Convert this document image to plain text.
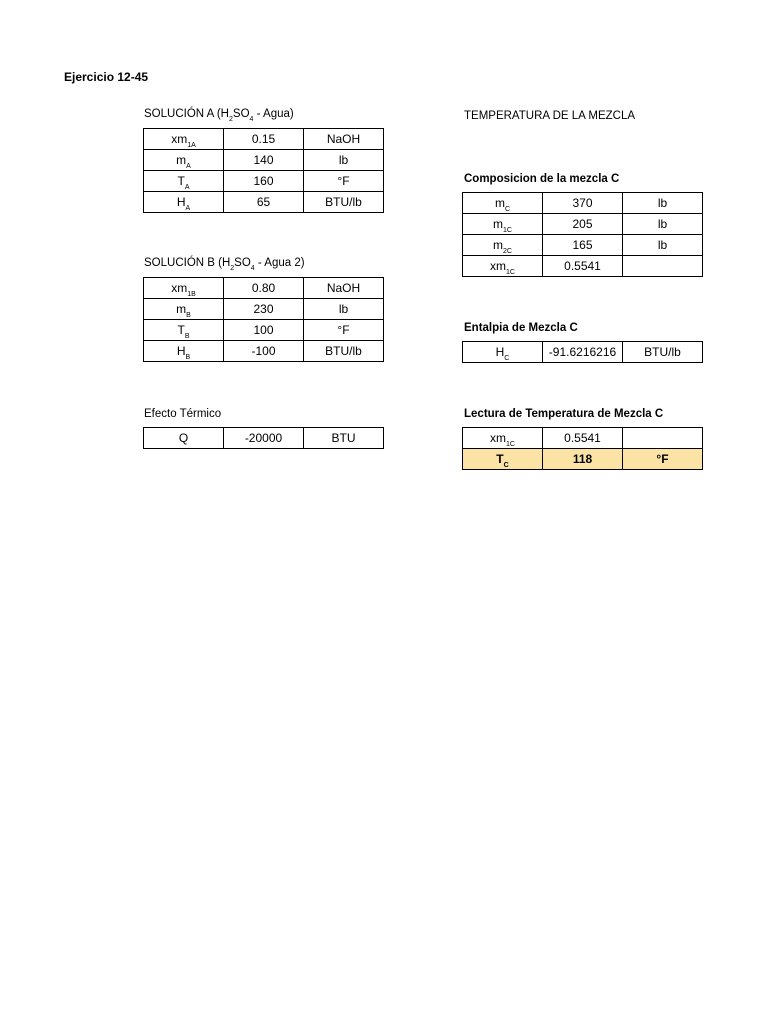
Ejercicio 12-45
SOLUCIÓN A ($H_2SO_4$ - Agua)
$xm_{1A}$	0.15	NaOH
$m_A$	140	lb
$T_A$	160	°F
$H_A$	65	BTU/lb
SOLUCIÓN B ($H_2SO_4$ - Agua 2)
$xm_{1B}$	0.80	NaOH
$m_B$	230	lb
$T_B$	100	°F
$H_B$	-100	BTU/lb
Efecto Térmico
Q	-20000	BTU
TEMPERATURA DE LA MEZCLA
Composicion de la mezcla C
$m_C$	370	lb
$m_{1C}$	205	lb
$m_{2C}$	165	lb
$xm_{1C}$	0.5541	
Entalpia de Mezcla C
$H_C$	-91.6216216	BTU/lb
Lectura de Temperatura de Mezcla C
$xm_{1C}$	0.5541	
$T_C$	118	°F
